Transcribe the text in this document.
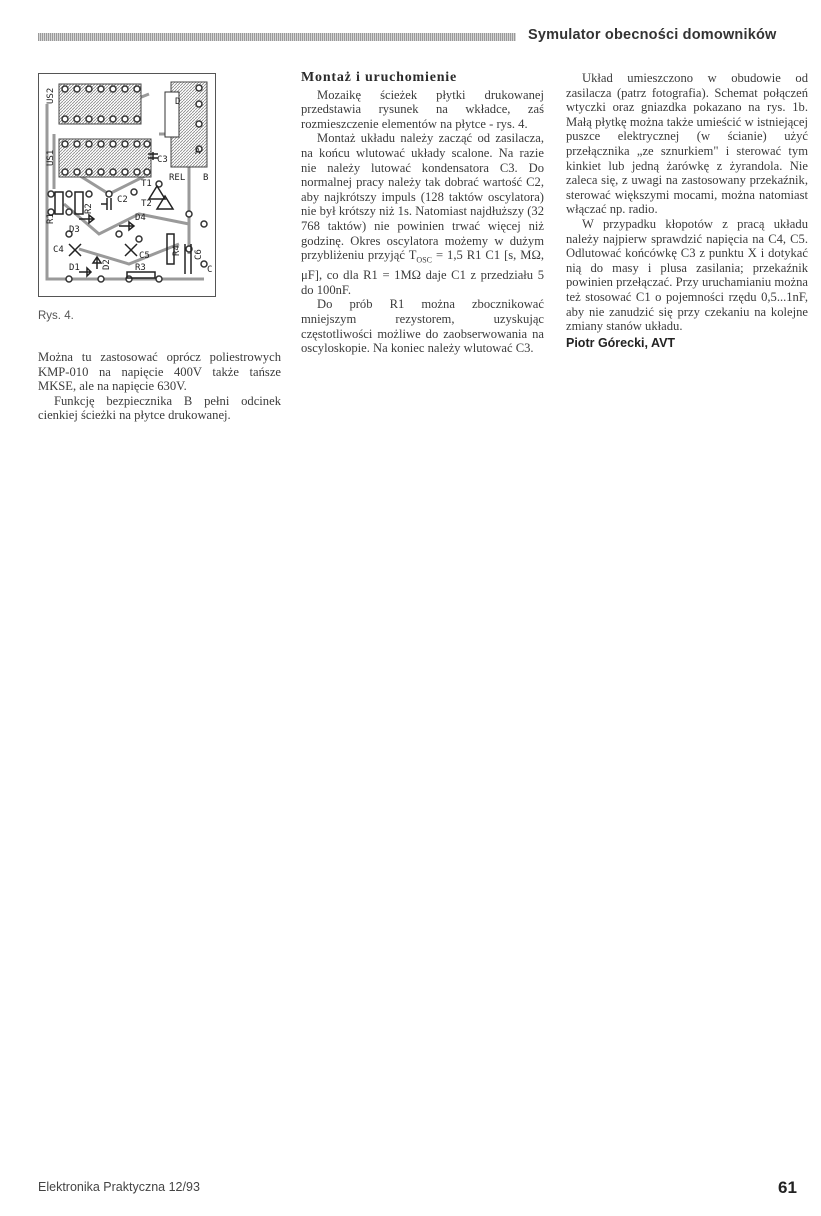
Symulator obecności domowników
US2
US1
D
A
B
REL
C3
T1
T2
C2
R1
R2
D3
D4
C4
C5 R4 C6
C
D1 D2	R3
Rys. 4.

Można tu zastosować oprócz poliestrowych KMP-010 na napięcie 400V także tańsze MKSE, ale na napięcie 630V.

Funkcję bezpiecznika B pełni odcinek cienkiej ścieżki na płytce drukowanej.

Montaż i uruchomienie

Mozaikę ścieżek płytki drukowanej przedstawia rysunek na wkładce, zaś rozmieszczenie elementów na płytce - rys. 4.

Montaż układu należy zacząć od zasilacza, na końcu wlutować układy scalone. Na razie nie należy lutować kondensatora C3. Do normalnej pracy należy tak dobrać wartość C2, aby najkrótszy impuls (128 taktów oscylatora) nie był krótszy niż 1s. Natomiast najdłuższy (32 768 taktów) nie powinien trwać więcej niż godzinę. Okres oscylatora możemy w dużym przybliżeniu przyjąć $T_{OSC} = 1,5$ R1 C1 [s, MΩ, μF], co dla R1 = 1MΩ daje C1 z przedziału 5 do 100nF.

Do prób R1 można zbocznikować mniejszym rezystorem, uzyskując częstotliwości możliwe do zaobserwowania na oscyloskopie. Na koniec należy wlutować C3.

Układ umieszczono w obudowie od zasilacza (patrz fotografia). Schemat połączeń wtyczki oraz gniazdka pokazano na rys. 1b. Małą płytkę można także umieścić w istniejącej puszce elektrycznej (w ścianie) użyć przełącznika „ze sznurkiem" i sterować tym kinkiet lub jedną żarówkę z żyrandola. Nie zaleca się, z uwagi na zastosowany przekaźnik, sterować większymi mocami, można natomiast włączać np. radio.

W przypadku kłopotów z pracą układu należy najpierw sprawdzić napięcia na C4, C5. Odlutować końcówkę C3 z punktu X i dotykać nią do masy i plusa zasilania; przekaźnik powinien przełączać. Przy uruchamianiu można też stosować C1 o pojemności rzędu 0,5...1nF, aby nie zanudzić się przy czekaniu na kolejne zmiany stanów układu.

Piotr Górecki, AVT
Elektronika Praktyczna 12/93	61
